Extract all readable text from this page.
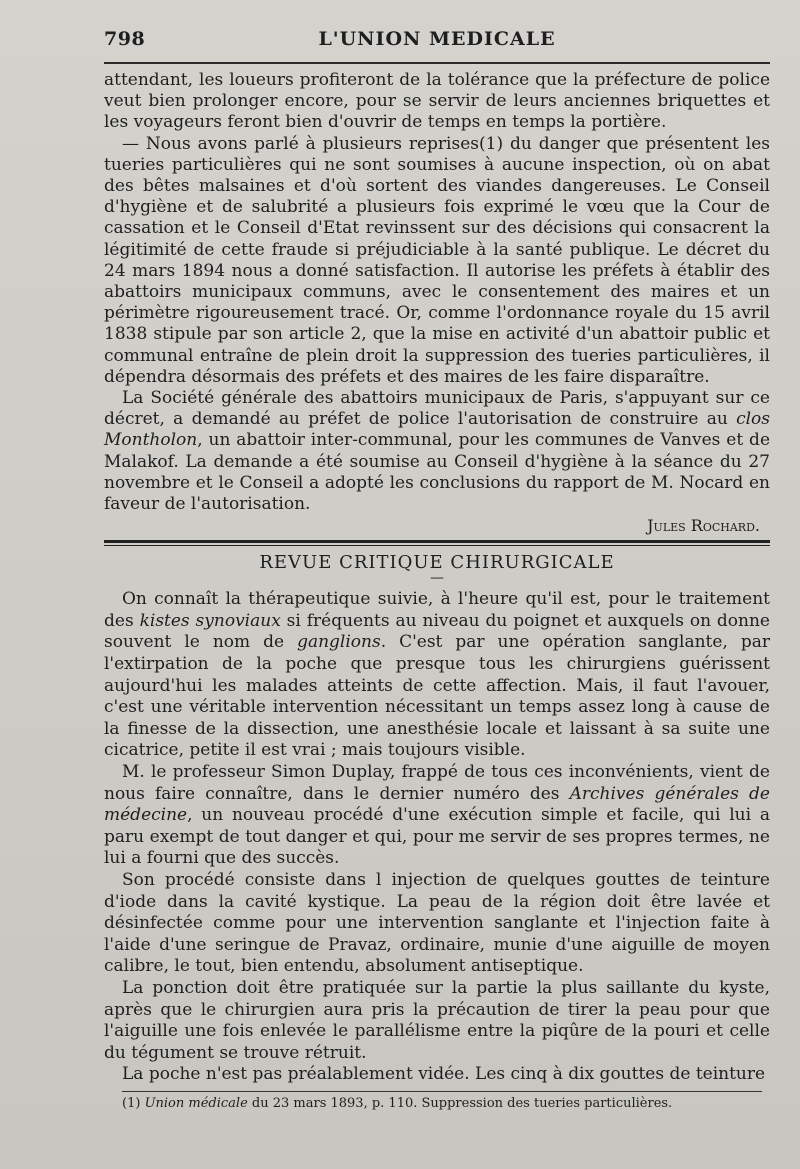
798	L'UNION MEDICALE

attendant, les loueurs profiteront de la tolérance que la préfecture de police veut bien prolonger encore, pour se servir de leurs anciennes briquettes et les voyageurs feront bien d'ouvrir de temps en temps la portière.

— Nous avons parlé à plusieurs reprises(1) du danger que présentent les tueries particulières qui ne sont soumises à aucune inspection, où on abat des bêtes malsaines et d'où sortent des viandes dangereuses. Le Conseil d'hygiène et de salubrité a plusieurs fois exprimé le vœu que la Cour de cassation et le Conseil d'Etat revinssent sur des décisions qui consacrent la légitimité de cette fraude si préjudiciable à la santé publique. Le décret du 24 mars 1894 nous a donné satisfaction. Il autorise les préfets à établir des abattoirs municipaux communs, avec le consentement des maires et un périmètre rigoureusement tracé. Or, comme l'ordonnance royale du 15 avril 1838 stipule par son article 2, que la mise en activité d'un abattoir public et communal entraîne de plein droit la suppression des tueries particulières, il dépendra désormais des préfets et des maires de les faire disparaître.

La Société générale des abattoirs municipaux de Paris, s'appuyant sur ce décret, a demandé au préfet de police l'autorisation de construire au clos Montholon, un abattoir inter-communal, pour les communes de Vanves et de Malakof. La demande a été soumise au Conseil d'hygiène à la séance du 27 novembre et le Conseil a adopté les conclusions du rapport de M. Nocard en faveur de l'autorisation.

Jules Rochard.
REVUE CRITIQUE CHIRURGICALE
—

On connaît la thérapeutique suivie, à l'heure qu'il est, pour le traitement des kistes synoviaux si fréquents au niveau du poignet et auxquels on donne souvent le nom de ganglions. C'est par une opération sanglante, par l'extirpation de la poche que presque tous les chirurgiens guérissent aujourd'hui les malades atteints de cette affection. Mais, il faut l'avouer, c'est une véritable intervention nécessitant un temps assez long à cause de la finesse de la dissection, une anesthésie locale et laissant à sa suite une cicatrice, petite il est vrai ; mais toujours visible.

M. le professeur Simon Duplay, frappé de tous ces inconvénients, vient de nous faire connaître, dans le dernier numéro des Archives générales de médecine, un nouveau procédé d'une exécution simple et facile, qui lui a paru exempt de tout danger et qui, pour me servir de ses propres termes, ne lui a fourni que des succès.

Son procédé consiste dans l injection de quelques gouttes de teinture d'iode dans la cavité kystique. La peau de la région doit être lavée et désinfectée comme pour une intervention sanglante et l'injection faite à l'aide d'une seringue de Pravaz, ordinaire, munie d'une aiguille de moyen calibre, le tout, bien entendu, absolument antiseptique.

La ponction doit être pratiquée sur la partie la plus saillante du kyste, après que le chirurgien aura pris la précaution de tirer la peau pour que l'aiguille une fois enlevée le parallélisme entre la piqûre de la pouri et celle du tégument se trouve rétruit.

La poche n'est pas préalablement vidée. Les cinq à dix gouttes de teinture

(1) Union médicale du 23 mars 1893, p. 110. Suppression des tueries particulières.
